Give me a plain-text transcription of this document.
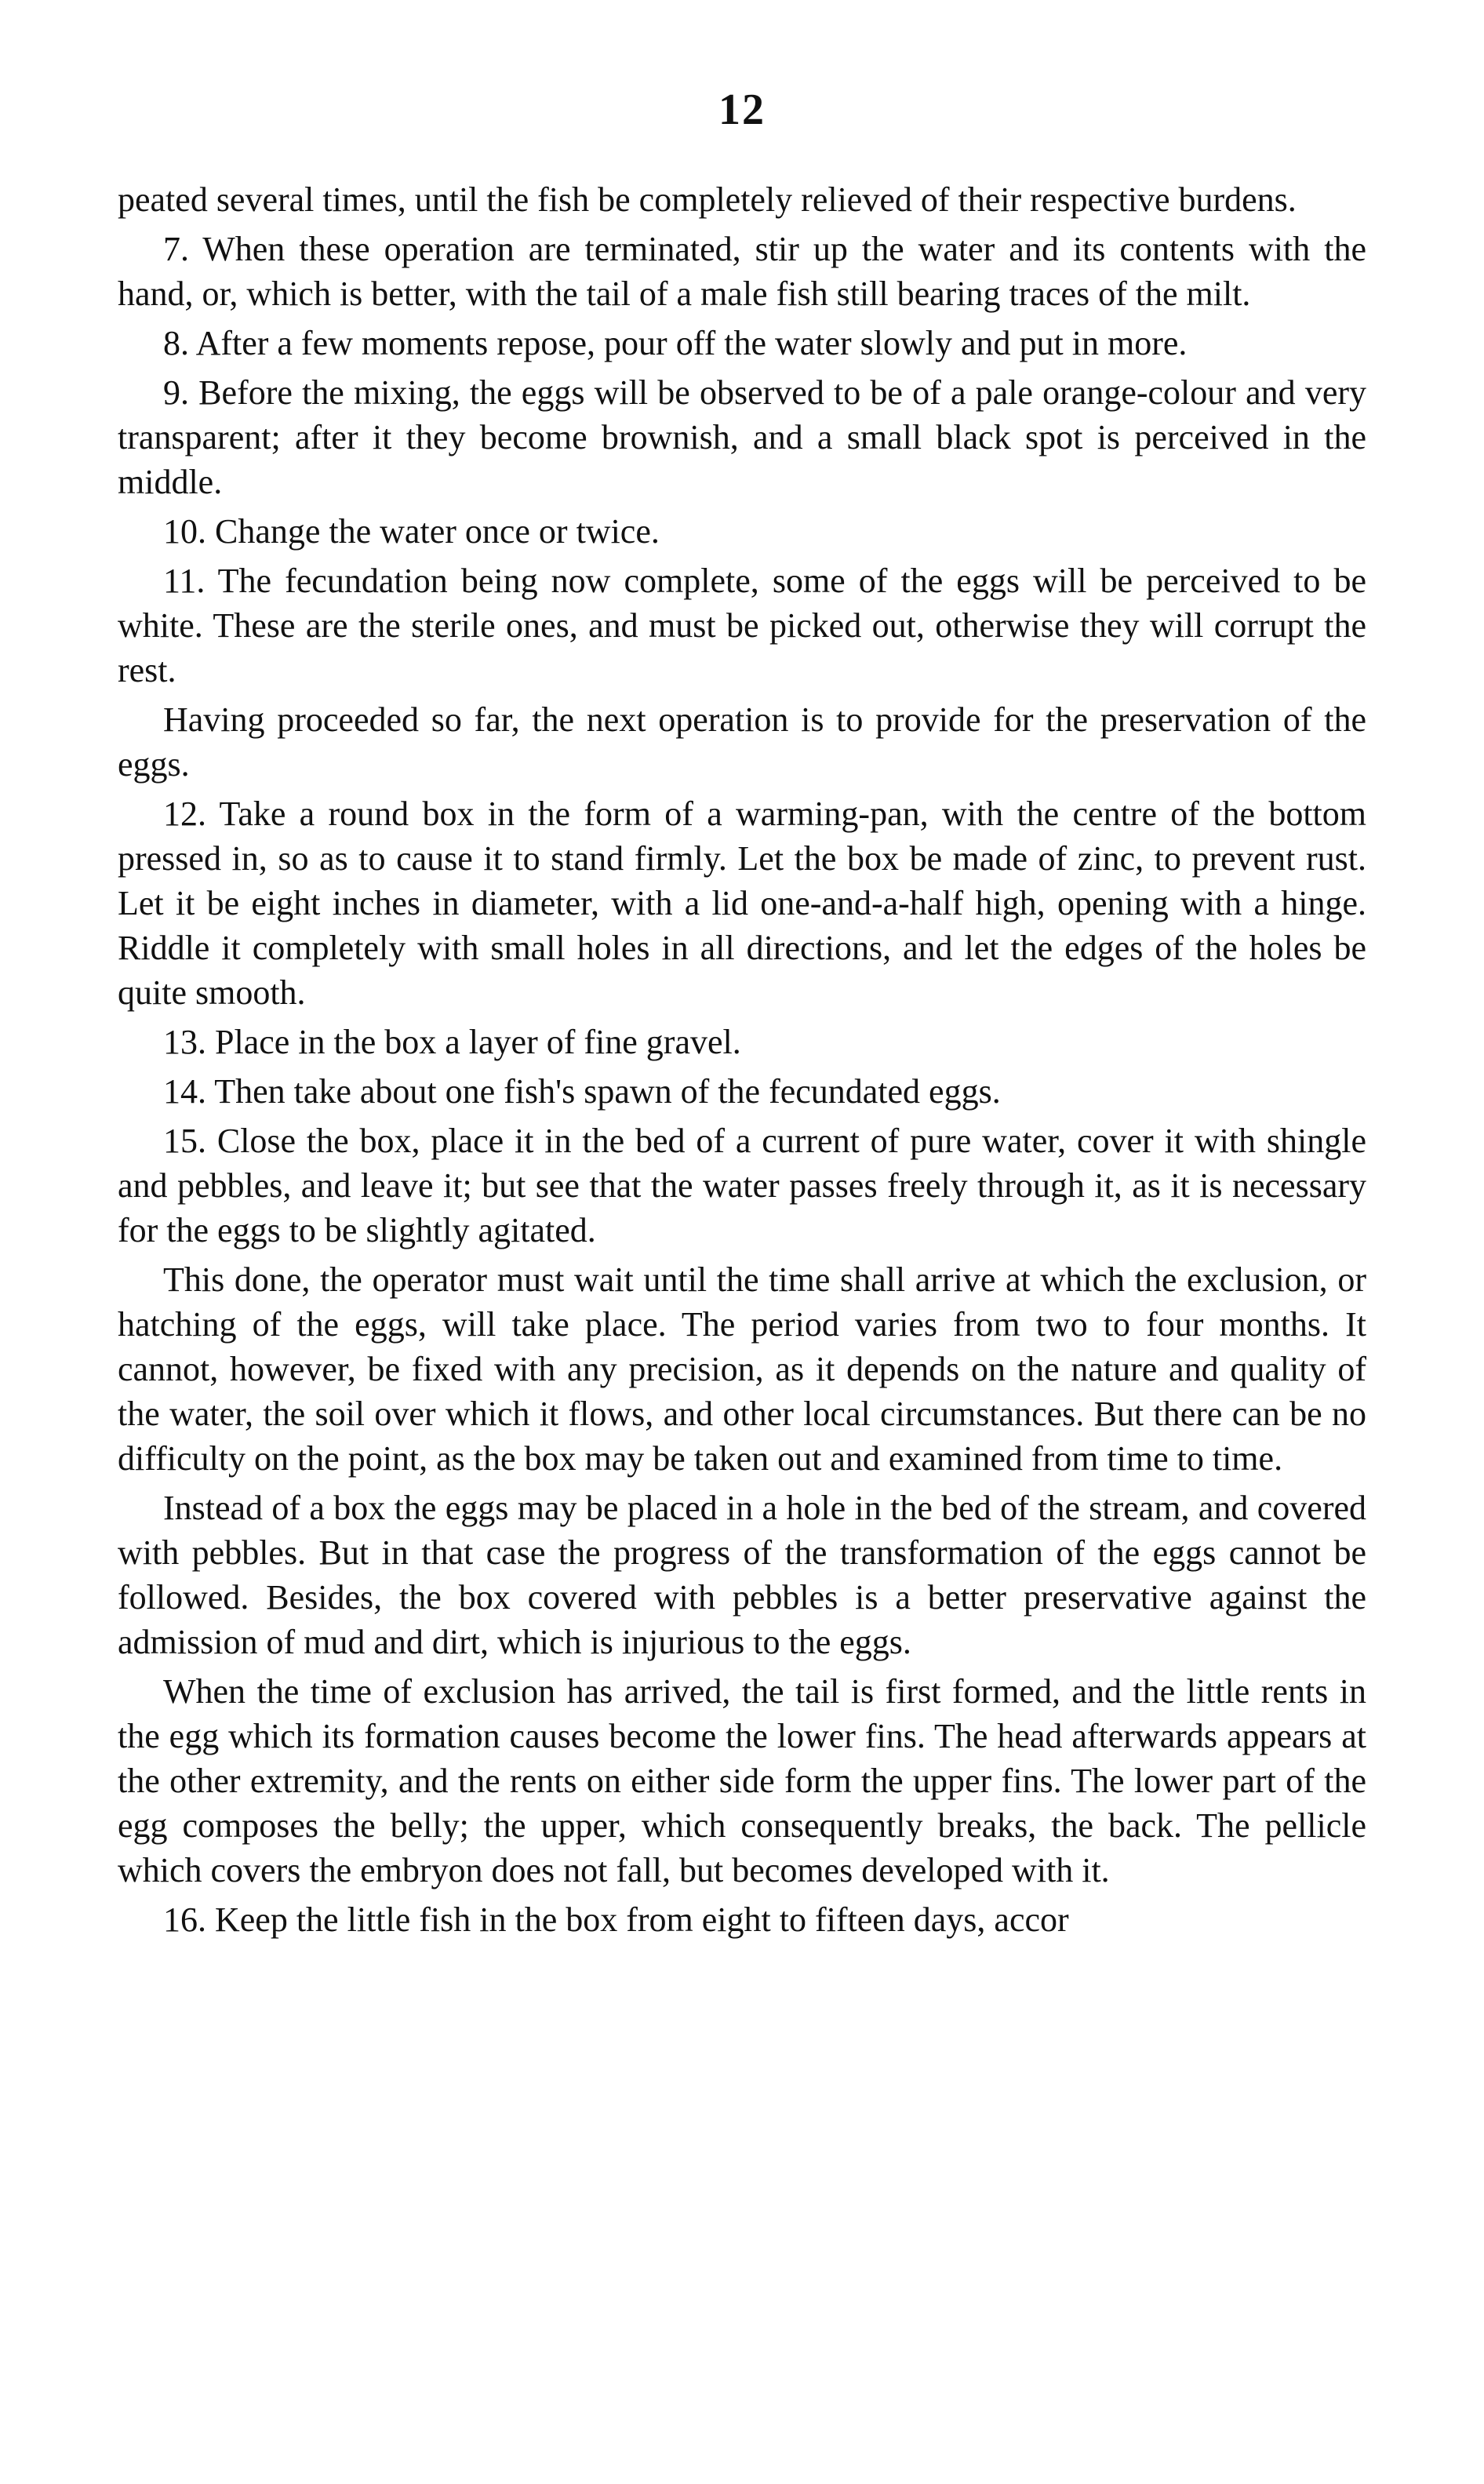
12

peated several times, until the fish be completely relieved of their respective burdens.

7. When these operation are terminated, stir up the water and its contents with the hand, or, which is better, with the tail of a male fish still bearing traces of the milt.

8. After a few moments repose, pour off the water slowly and put in more.

9. Before the mixing, the eggs will be observed to be of a pale orange-colour and very transparent; after it they become brownish, and a small black spot is perceived in the middle.

10. Change the water once or twice.

11. The fecundation being now complete, some of the eggs will be perceived to be white. These are the sterile ones, and must be picked out, otherwise they will corrupt the rest.

Having proceeded so far, the next operation is to provide for the preservation of the eggs.

12. Take a round box in the form of a warming-pan, with the centre of the bottom pressed in, so as to cause it to stand firmly. Let the box be made of zinc, to prevent rust. Let it be eight inches in diameter, with a lid one-and-a-half high, opening with a hinge. Riddle it completely with small holes in all directions, and let the edges of the holes be quite smooth.

13. Place in the box a layer of fine gravel.

14. Then take about one fish's spawn of the fecundated eggs.

15. Close the box, place it in the bed of a current of pure water, cover it with shingle and pebbles, and leave it; but see that the water passes freely through it, as it is necessary for the eggs to be slightly agitated.

This done, the operator must wait until the time shall arrive at which the exclusion, or hatching of the eggs, will take place. The period varies from two to four months. It cannot, however, be fixed with any precision, as it depends on the nature and quality of the water, the soil over which it flows, and other local circumstances. But there can be no difficulty on the point, as the box may be taken out and examined from time to time.

Instead of a box the eggs may be placed in a hole in the bed of the stream, and covered with pebbles. But in that case the progress of the transformation of the eggs cannot be followed. Besides, the box covered with pebbles is a better preservative against the admission of mud and dirt, which is injurious to the eggs.

When the time of exclusion has arrived, the tail is first formed, and the little rents in the egg which its formation causes become the lower fins. The head afterwards appears at the other extremity, and the rents on either side form the upper fins. The lower part of the egg composes the belly; the upper, which consequently breaks, the back. The pellicle which covers the embryon does not fall, but becomes developed with it.

16. Keep the little fish in the box from eight to fifteen days, accor
